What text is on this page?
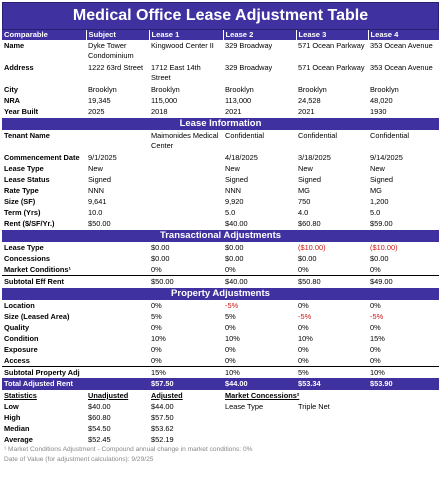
Medical Office Lease Adjustment Table
Comparable	Subject	Lease 1	Lease 2	Lease 3	Lease 4
Name	Dyke Tower Condominium	Kingwood Center II	329 Broadway	571 Ocean Parkway	353 Ocean Avenue
Address	1222 63rd Street	1712 East 14th Street	329 Broadway	571 Ocean Parkway	353 Ocean Avenue
City	Brooklyn	Brooklyn	Brooklyn	Brooklyn	Brooklyn
NRA	19,345	115,000	113,000	24,528	48,020
Year Built	2025	2018	2021	2021	1930
Lease Information					
Tenant Name		Maimonides Medical Center	Confidential	Confidential	Confidential
Commencement Date	9/1/2025		4/18/2025	3/18/2025	9/14/2025
Lease Type	New		New	New	New
Lease Status	Signed		Signed	Signed	Signed
Rate Type	NNN		NNN	MG	MG
Size (SF)	9,641		9,920	750	1,200
Term (Yrs)	10.0		5.0	4.0	5.0
Rent ($/SF/Yr.)	$50.00		$40.00	$60.80	$59.00
Transactional Adjustments					
Lease Type		$0.00	$0.00	($10.00)	($10.00)
Concessions		$0.00	$0.00	$0.00	$0.00
Market Conditions¹		0%	0%	0%	0%
Subtotal Eff Rent		$50.00	$40.00	$50.80	$49.00
Property Adjustments					
Location		0%	-5%	0%	0%
Size (Leased Area)		5%	5%	-5%	-5%
Quality		0%	0%	0%	0%
Condition		10%	10%	10%	15%
Exposure		0%	0%	0%	0%
Access		0%	0%	0%	0%
Subtotal Property Adj		15%	10%	5%	10%
Total Adjusted Rent		$57.50	$44.00	$53.34	$53.90
Statistics	Unadjusted	Adjusted	Market Concessions²		
Low	$40.00	$44.00	Lease Type	Triple Net	
High	$60.80	$57.50			
Median	$54.50	$53.62			
Average	$52.45	$52.19			
¹ Market Conditions Adjustment - Compound annual change in market conditions: 0%
Date of Value (for adjustment calculations): 9/29/25
